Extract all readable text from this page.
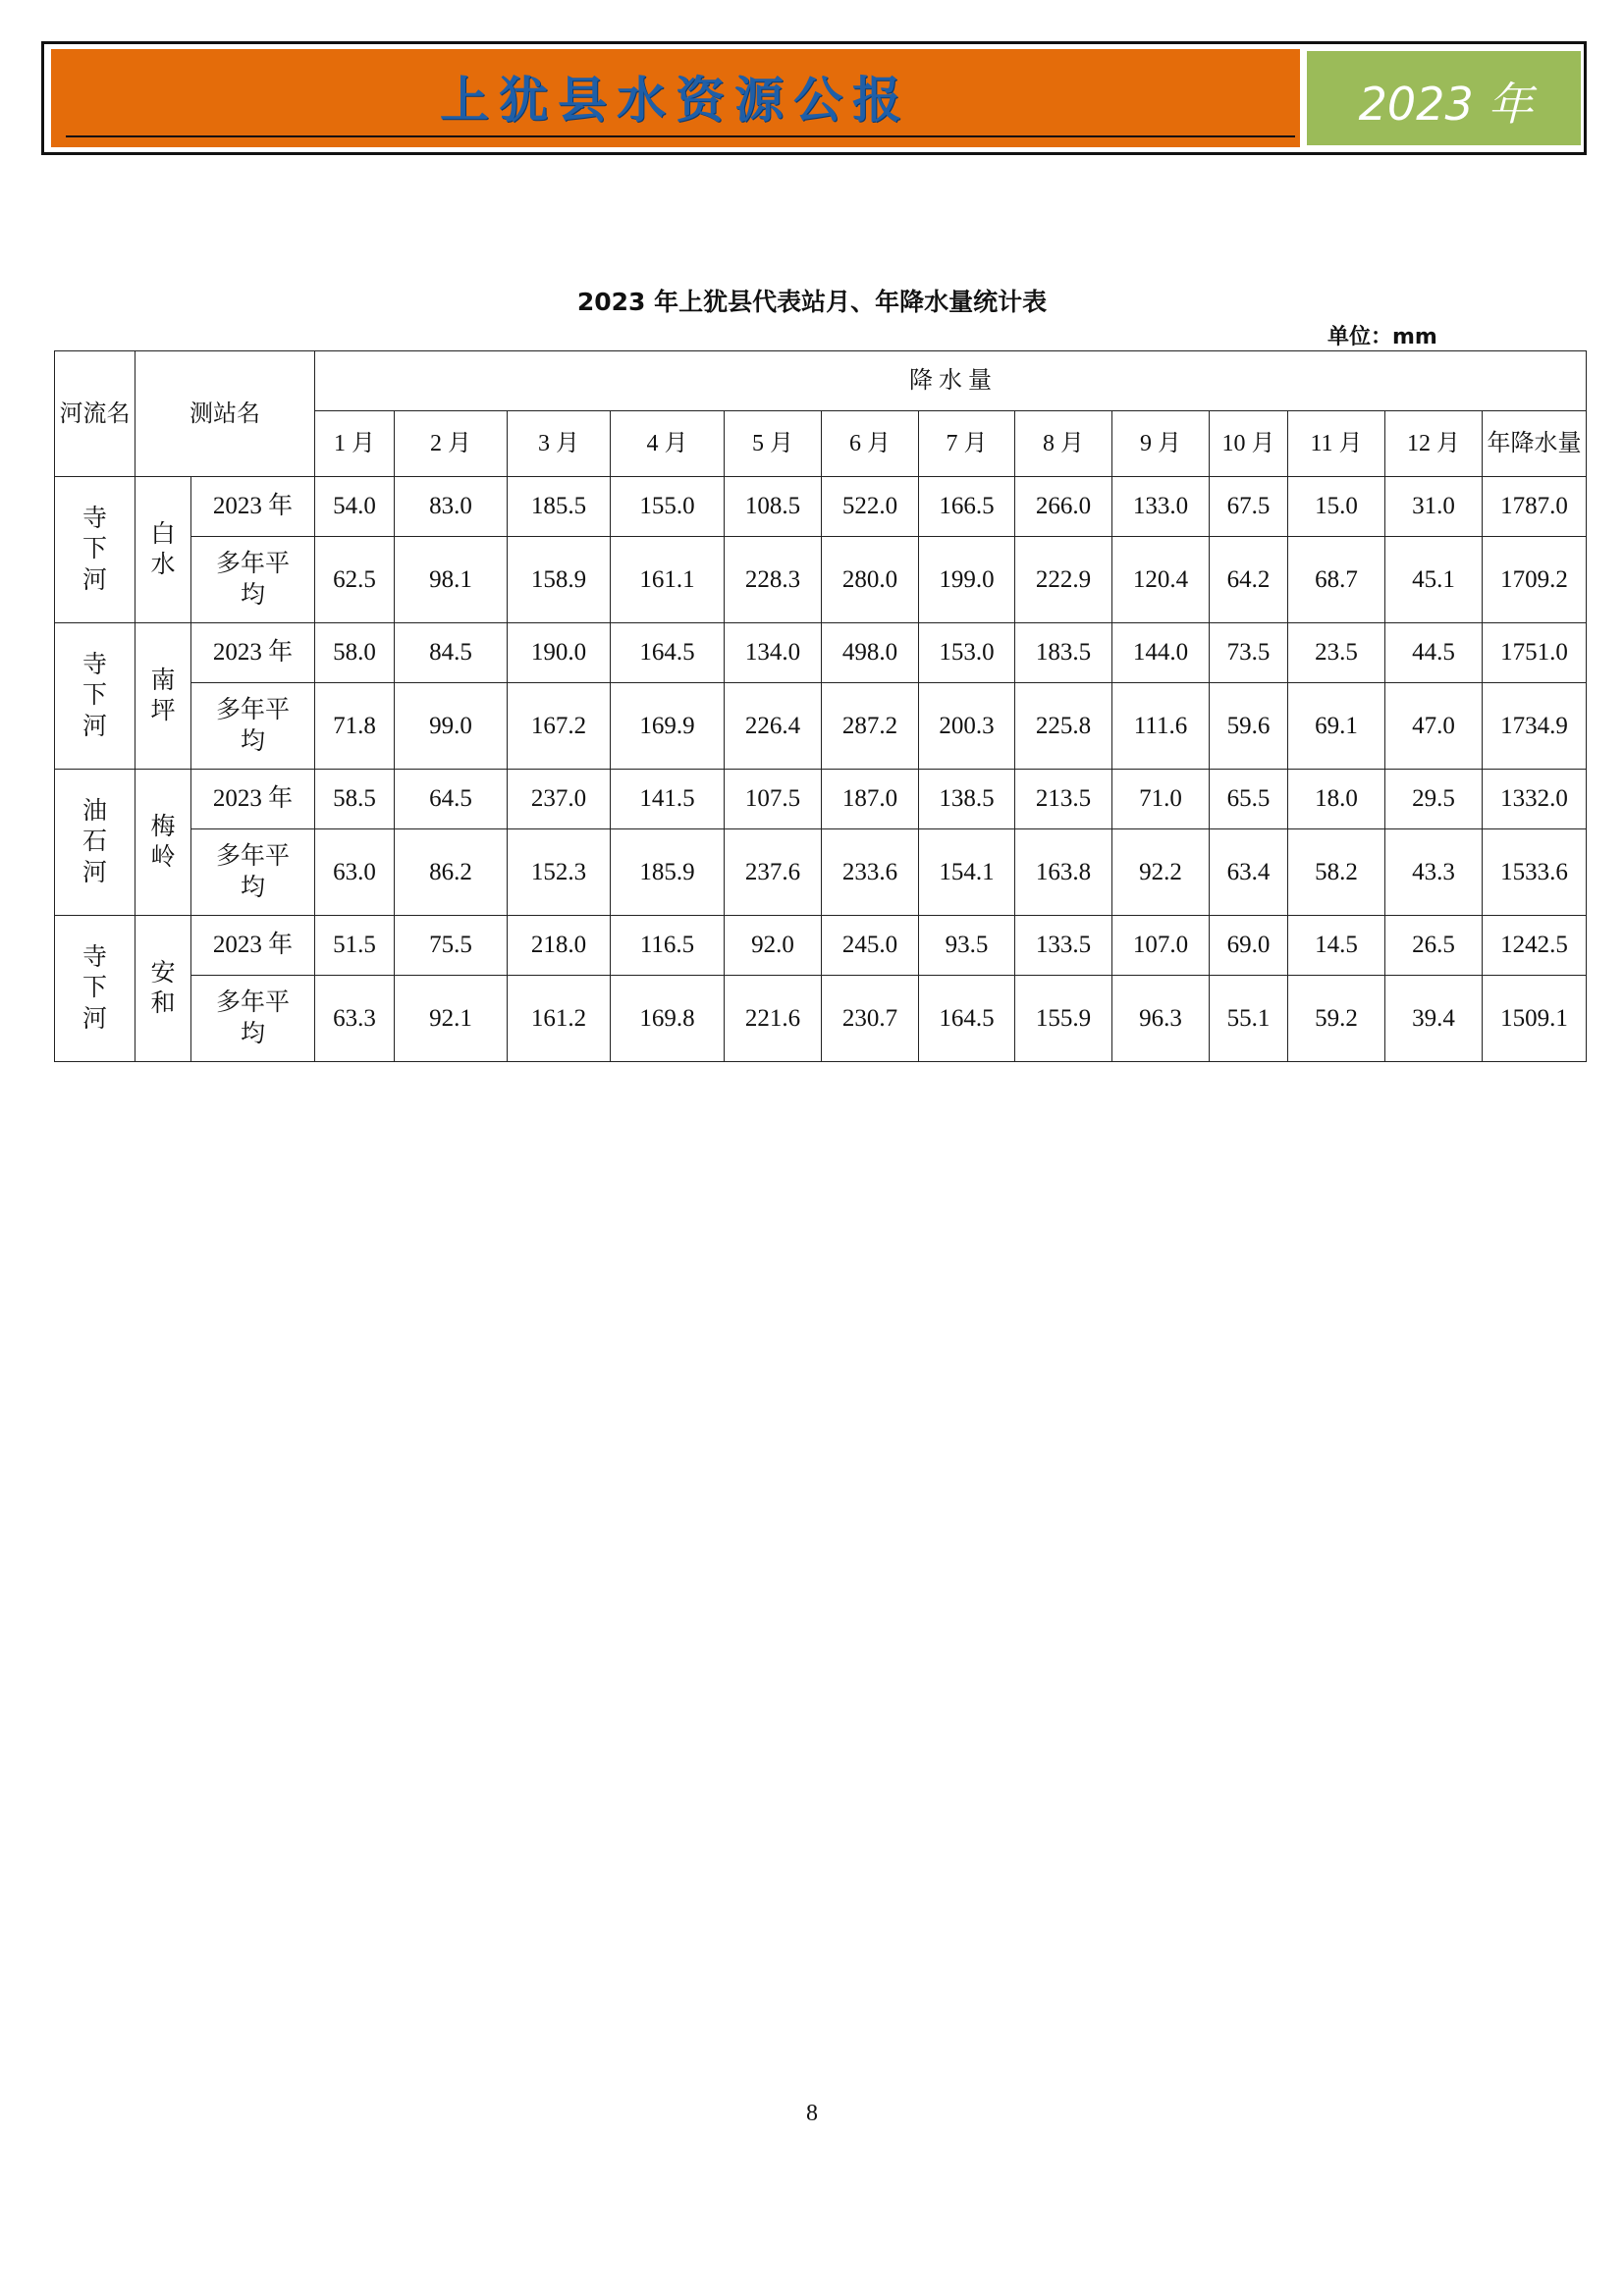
上犹县水资源公报	2023 年
2023 年上犹县代表站月、年降水量统计表
单位：mm
河流名	测站名		降 水 量												
			1 月	2 月	3 月	4 月	5 月	6 月	7 月	8 月	9 月	10 月	11 月	12 月	年降水量
寺下河	白水	2023 年	54.0	83.0	185.5	155.0	108.5	522.0	166.5	266.0	133.0	67.5	15.0	31.0	1787.0
		多年平均	62.5	98.1	158.9	161.1	228.3	280.0	199.0	222.9	120.4	64.2	68.7	45.1	1709.2
寺下河	南坪	2023 年	58.0	84.5	190.0	164.5	134.0	498.0	153.0	183.5	144.0	73.5	23.5	44.5	1751.0
		多年平均	71.8	99.0	167.2	169.9	226.4	287.2	200.3	225.8	111.6	59.6	69.1	47.0	1734.9
油石河	梅岭	2023 年	58.5	64.5	237.0	141.5	107.5	187.0	138.5	213.5	71.0	65.5	18.0	29.5	1332.0
		多年平均	63.0	86.2	152.3	185.9	237.6	233.6	154.1	163.8	92.2	63.4	58.2	43.3	1533.6
寺下河	安和	2023 年	51.5	75.5	218.0	116.5	92.0	245.0	93.5	133.5	107.0	69.0	14.5	26.5	1242.5
		多年平均	63.3	92.1	161.2	169.8	221.6	230.7	164.5	155.9	96.3	55.1	59.2	39.4	1509.1
8
